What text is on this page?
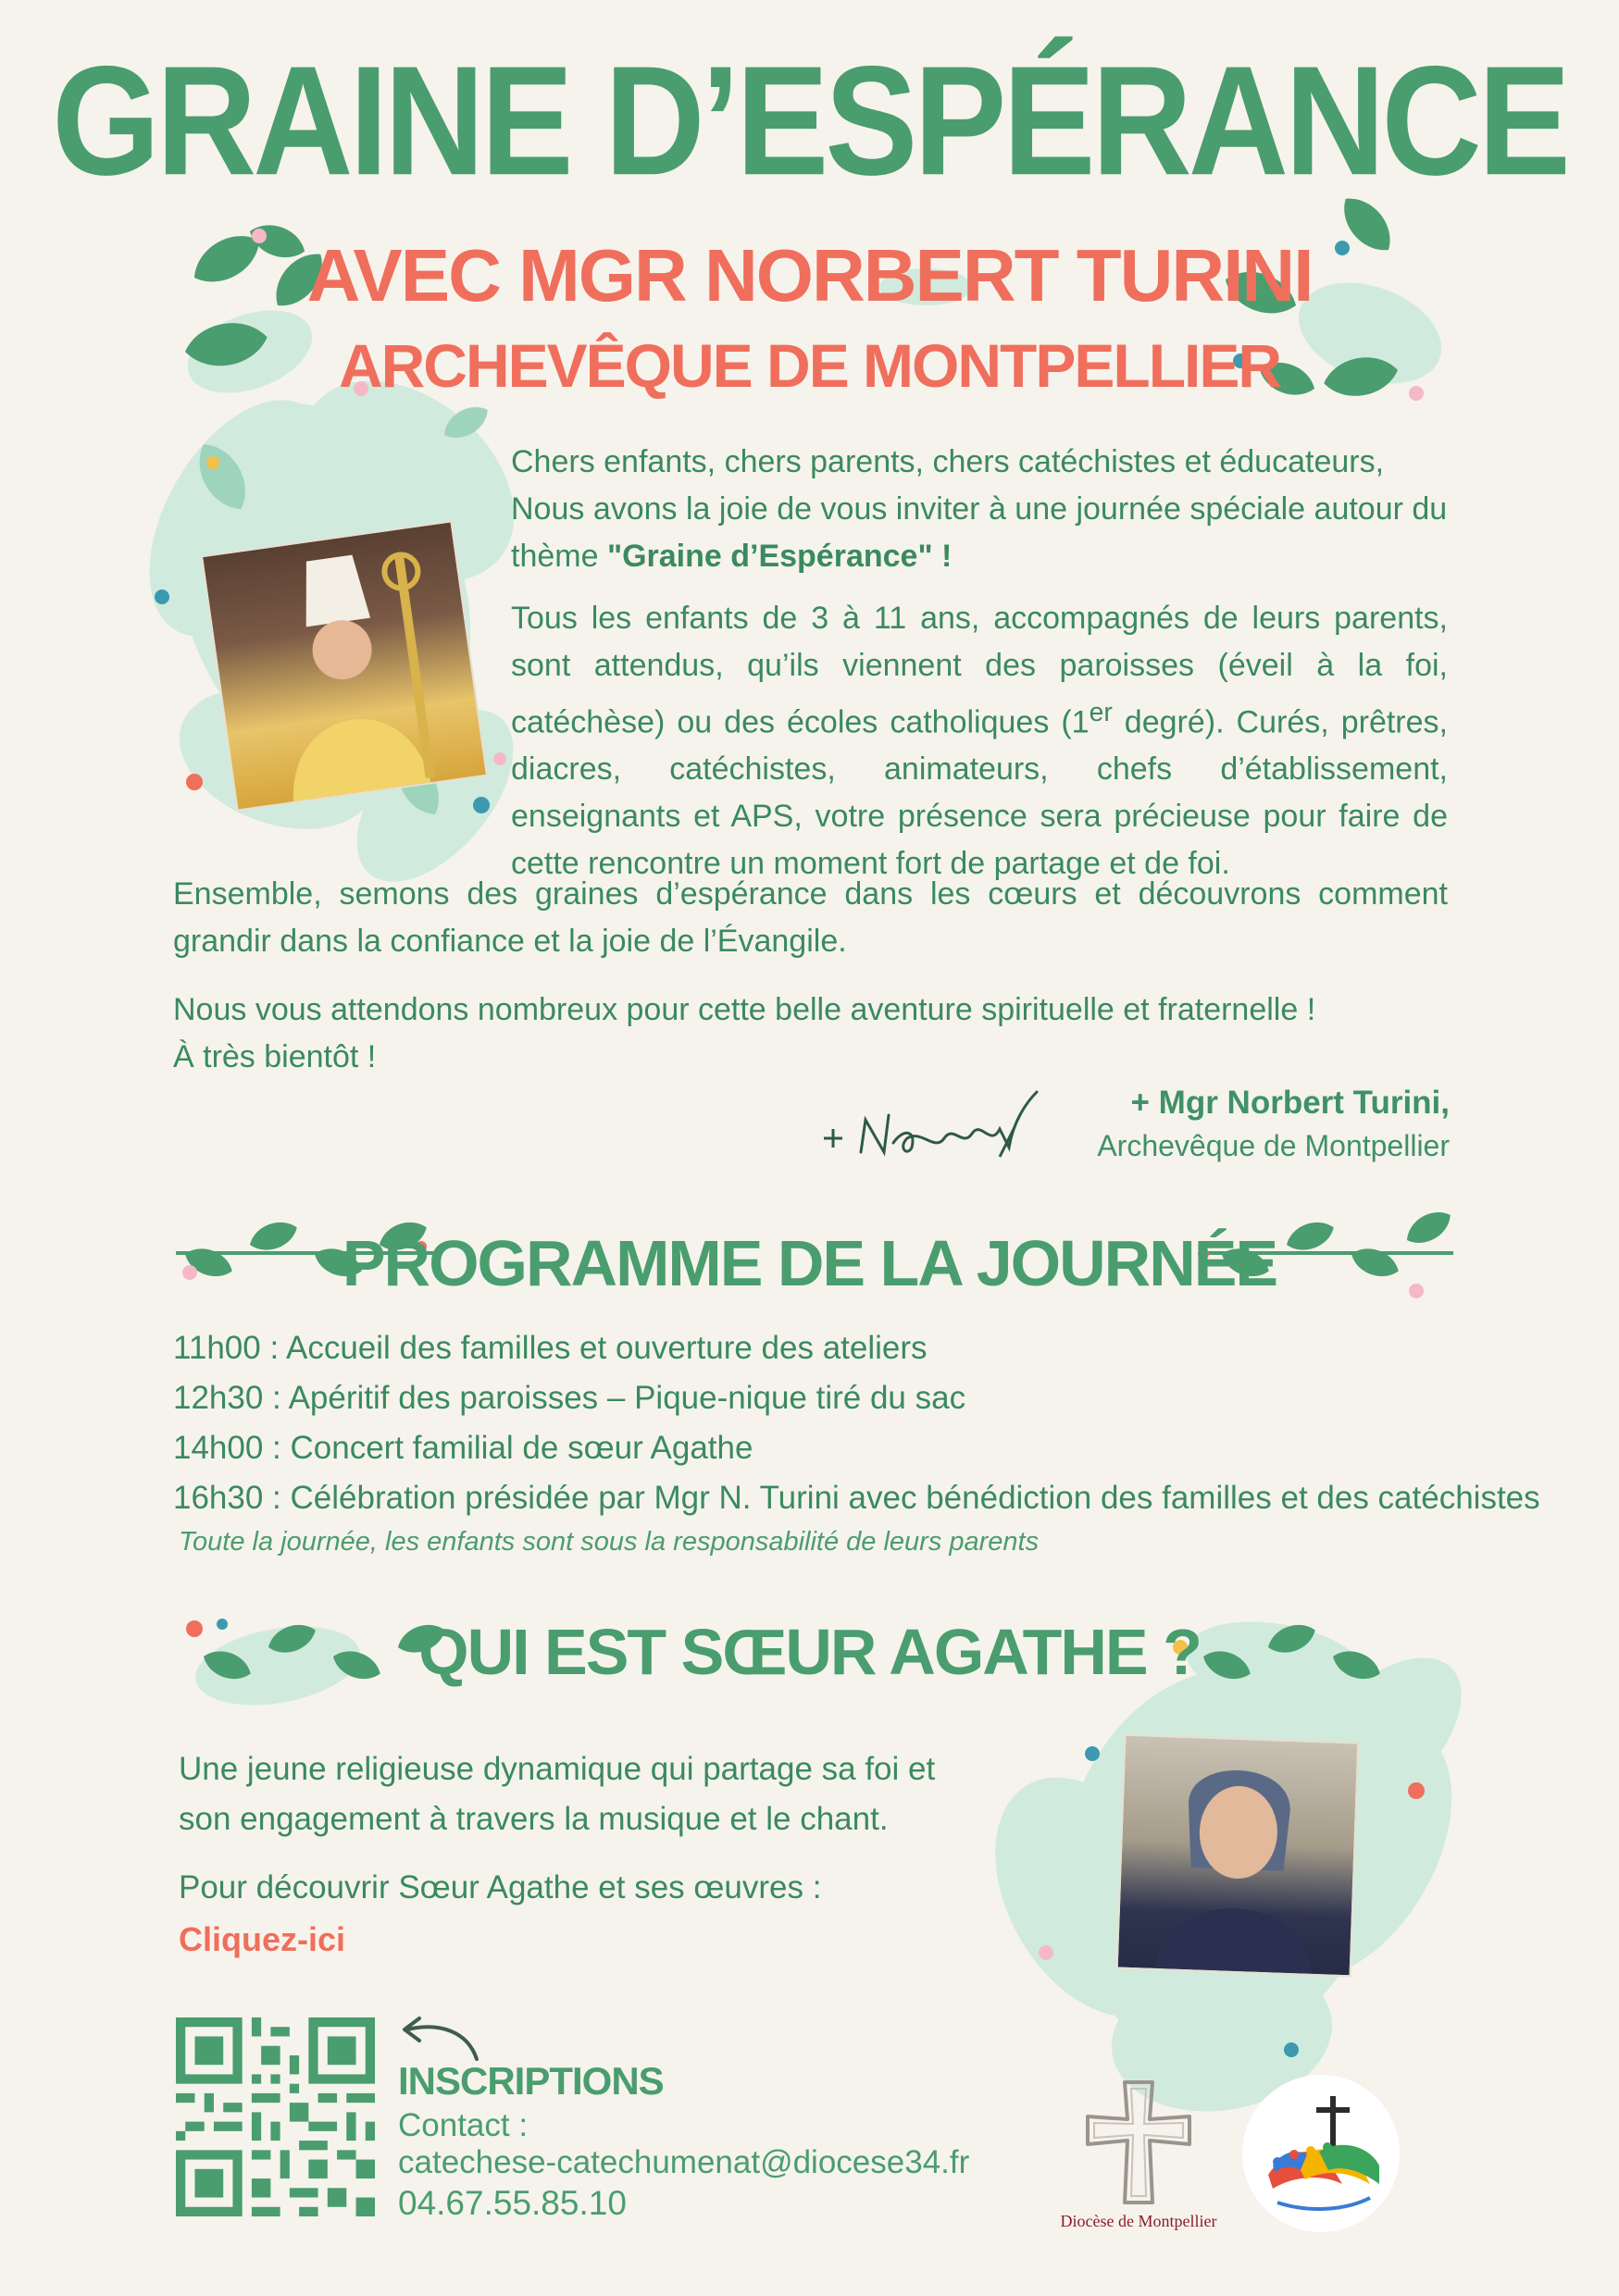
GRAINE D’ESPÉRANCE
AVEC MGR NORBERT TURINI
ARCHEVÊQUE DE MONTPELLIER

Chers enfants, chers parents, chers catéchistes et éducateurs,
Nous avons la joie de vous inviter à une journée spéciale autour du thème "Graine d’Espérance" !

Tous les enfants de 3 à 11 ans, accompagnés de leurs parents, sont attendus, qu’ils viennent des paroisses (éveil à la foi, catéchèse) ou des écoles catholiques (1er degré). Curés, prêtres, diacres, catéchistes, animateurs, chefs d’établissement, enseignants et APS, votre présence sera précieuse pour faire de cette rencontre un moment fort de partage et de foi.

Ensemble, semons des graines d’espérance dans les cœurs et découvrons comment grandir dans la confiance et la joie de l’Évangile.

Nous vous attendons nombreux pour cette belle aventure spirituelle et fraternelle !
À très bientôt !
+ Mgr Norbert Turini,
Archevêque de Montpellier
PROGRAMME DE LA JOURNÉE
11h00 : Accueil des familles et ouverture des ateliers
12h30 : Apéritif des paroisses – Pique-nique tiré du sac
14h00 : Concert familial de sœur Agathe
16h30 : Célébration présidée par Mgr N. Turini avec bénédiction des familles et des catéchistes
Toute la journée, les enfants sont sous la responsabilité de leurs parents
QUI EST SŒUR AGATHE ?
Une jeune religieuse dynamique qui partage sa foi et son engagement à travers la musique et le chant.
Pour découvrir Sœur Agathe et ses œuvres :
Cliquez-ici
INSCRIPTIONS
Contact :
catechese-catechumenat@diocese34.fr
04.67.55.85.10	Diocèse de Montpellier
